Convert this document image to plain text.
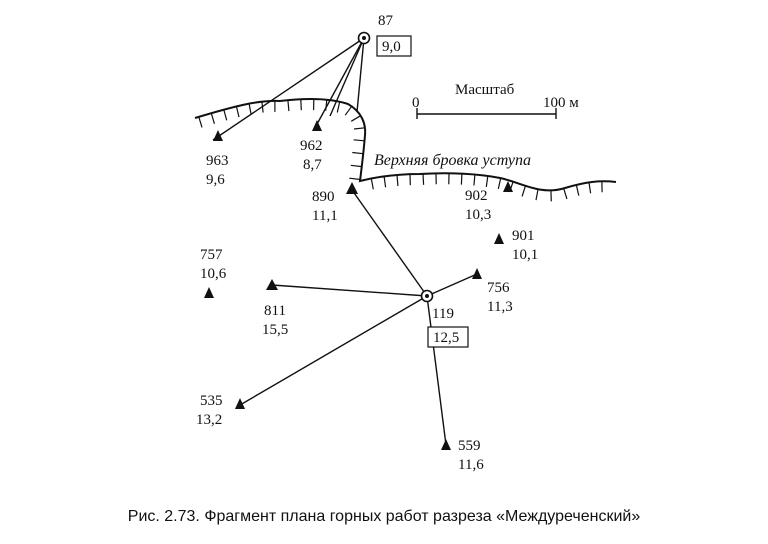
87
9,0
119
12,5
963
9,6
962
8,7
890
11,1
902
10,3
901
10,1
757
10,6
811
15,5
756
11,3
535
13,2
559
11,6
Верхняя бровка уступа
Масштаб
0	100 м
Рис. 2.73. Фрагмент плана горных работ разреза «Междуреченский»
